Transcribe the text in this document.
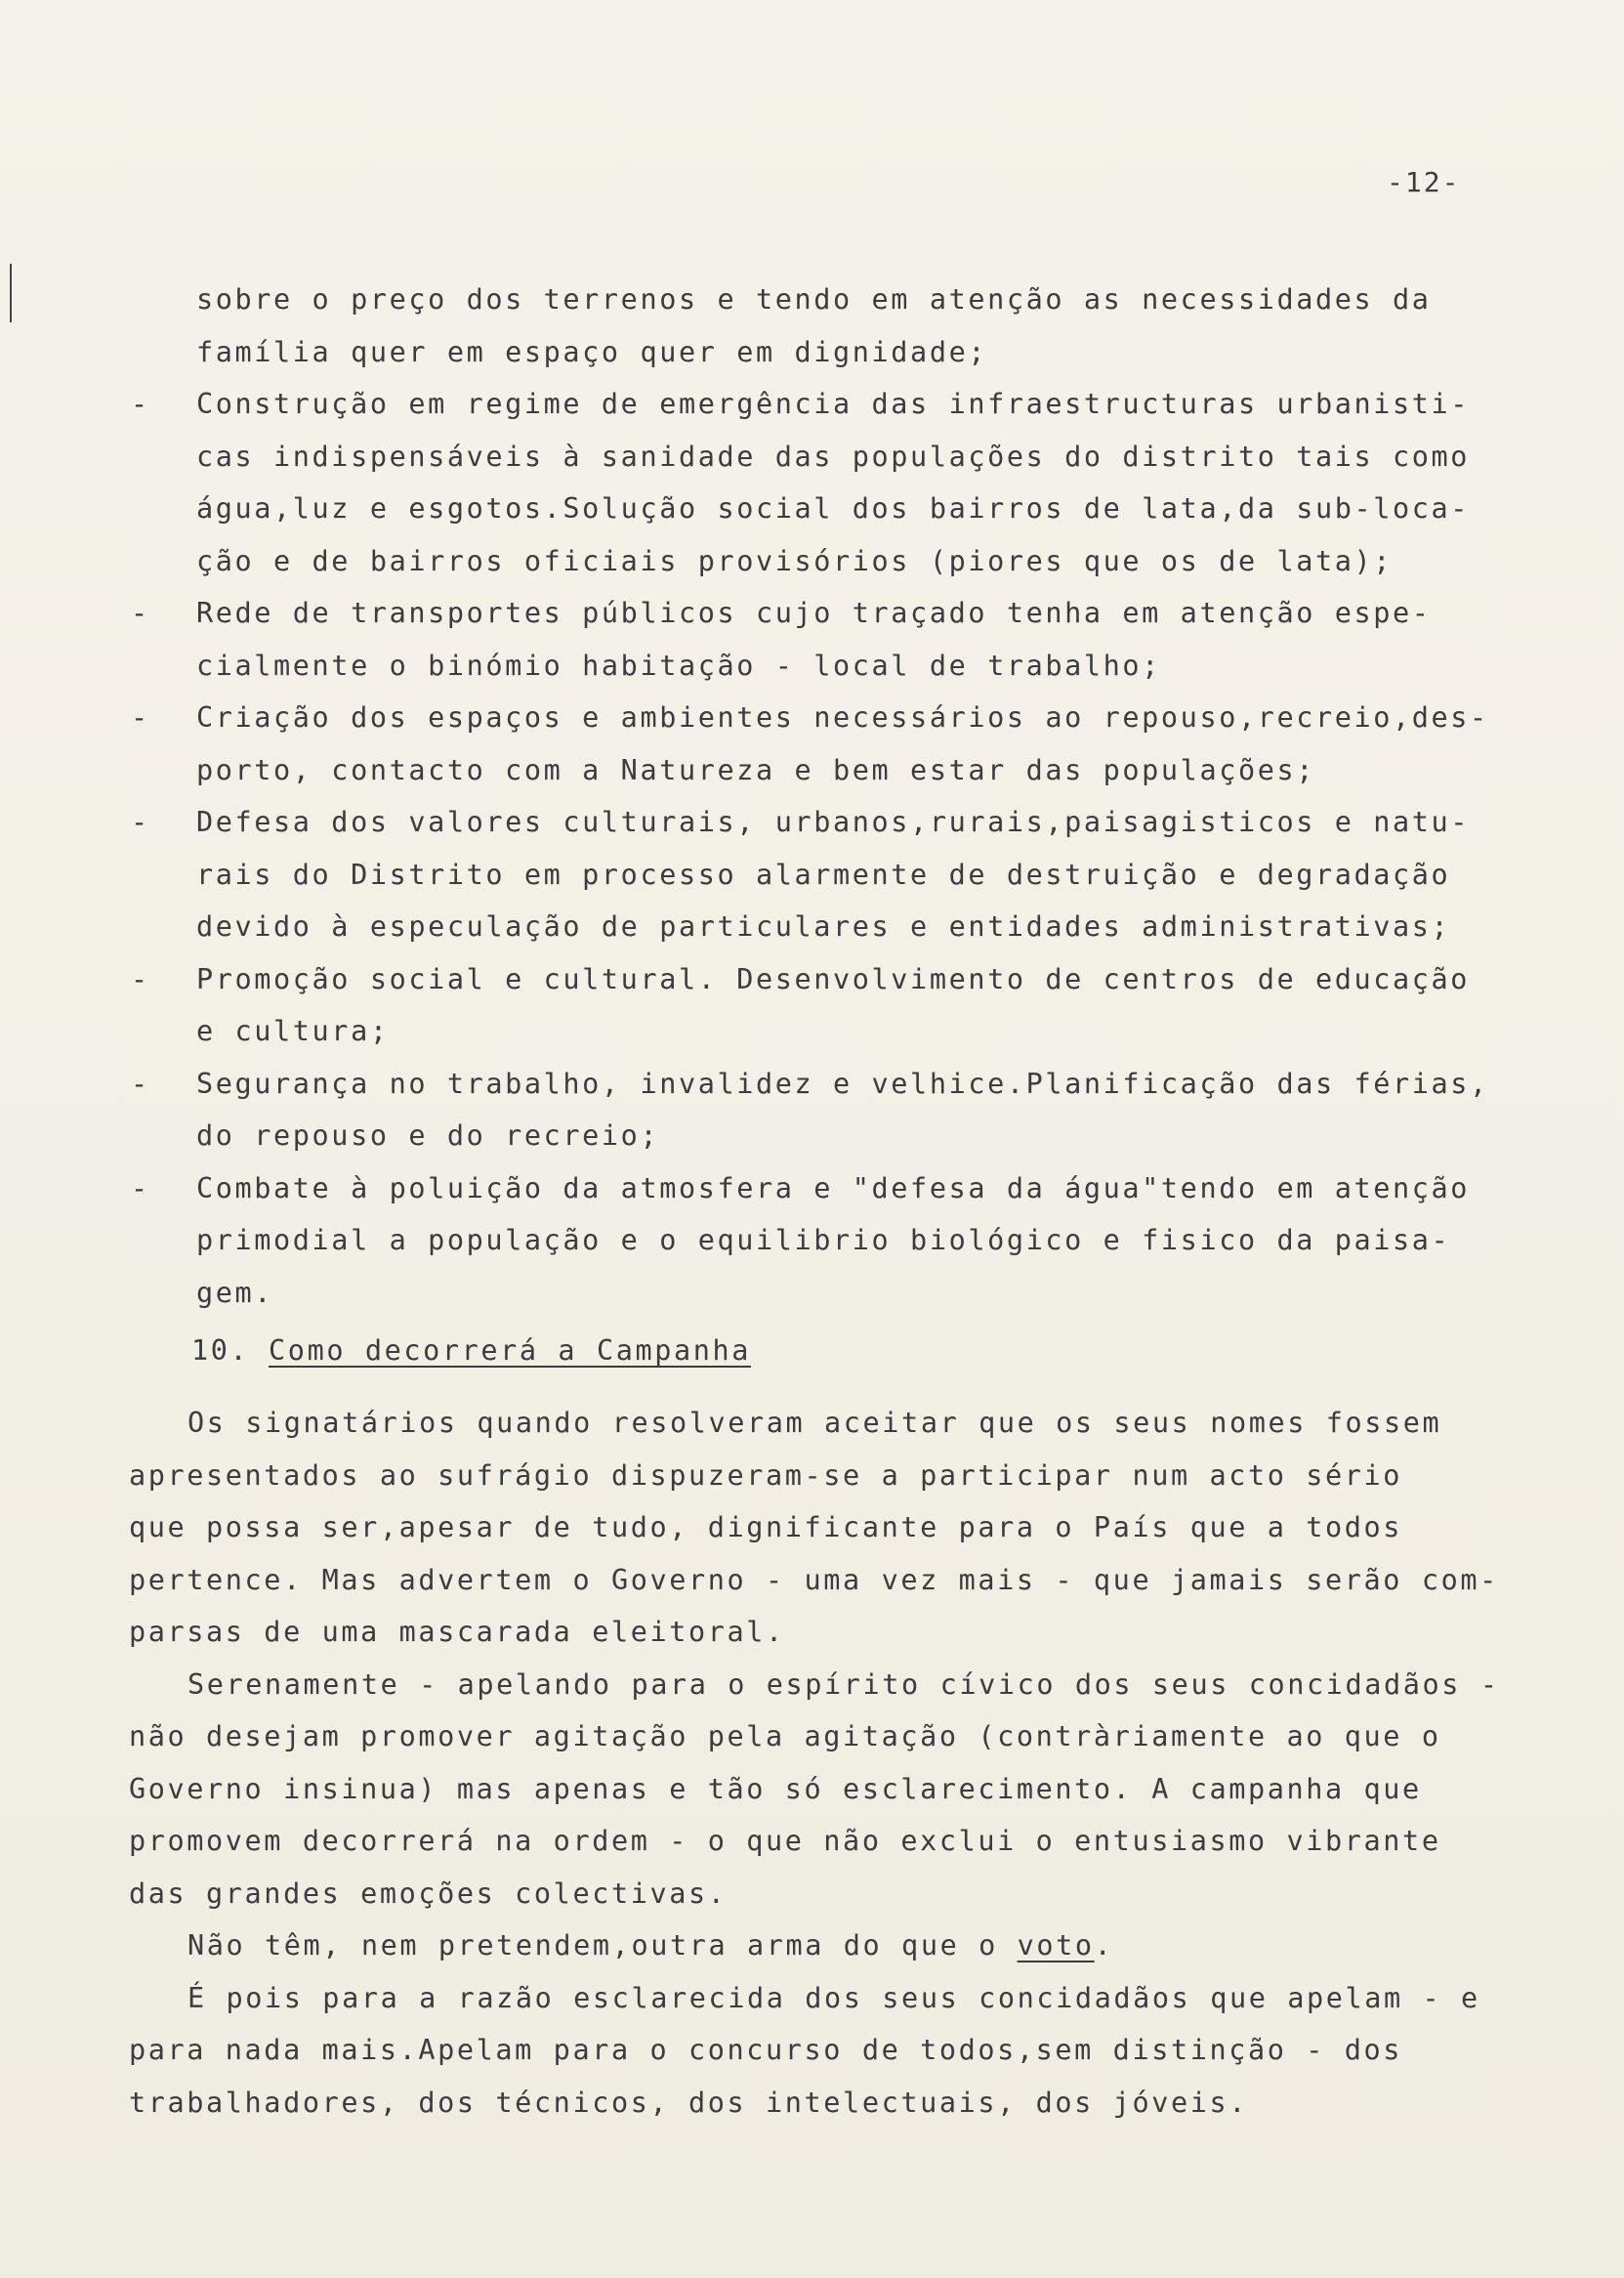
-12-
sobre o preço dos terrenos e tendo em atenção as necessidades da
família quer em espaço quer em dignidade;
- Construção em regime de emergência das infraestructuras urbanisti-
cas indispensáveis à sanidade das populações do distrito tais como
água,luz e esgotos.Solução social dos bairros de lata,da sub-loca-
ção e de bairros oficiais provisórios (piores que os de lata);
- Rede de transportes públicos cujo traçado tenha em atenção espe-
cialmente o binómio habitação - local de trabalho;
- Criação dos espaços e ambientes necessários ao repouso,recreio,des-
porto, contacto com a Natureza e bem estar das populações;
- Defesa dos valores culturais, urbanos,rurais,paisagisticos e natu-
rais do Distrito em processo alarmente de destruição e degradação
devido à especulação de particulares e entidades administrativas;
- Promoção social e cultural. Desenvolvimento de centros de educação
e cultura;
- Segurança no trabalho, invalidez e velhice.Planificação das férias,
do repouso e do recreio;
- Combate à poluição da atmosfera e "defesa da água"tendo em atenção
primodial a população e o equilibrio biológico e fisico da paisa-
gem.
10. Como decorrerá a Campanha
Os signatários quando resolveram aceitar que os seus nomes fossem
apresentados ao sufrágio dispuzeram-se a participar num acto sério
que possa ser,apesar de tudo, dignificante para o País que a todos
pertence. Mas advertem o Governo - uma vez mais - que jamais serão com-
parsas de uma mascarada eleitoral.
Serenamente - apelando para o espírito cívico dos seus concidadãos -
não desejam promover agitação pela agitação (contràriamente ao que o
Governo insinua) mas apenas e tão só esclarecimento. A campanha que
promovem decorrerá na ordem - o que não exclui o entusiasmo vibrante
das grandes emoções colectivas.
Não têm, nem pretendem,outra arma do que o voto.
É pois para a razão esclarecida dos seus concidadãos que apelam - e
para nada mais.Apelam para o concurso de todos,sem distinção - dos
trabalhadores, dos técnicos, dos intelectuais, dos jóveis.
